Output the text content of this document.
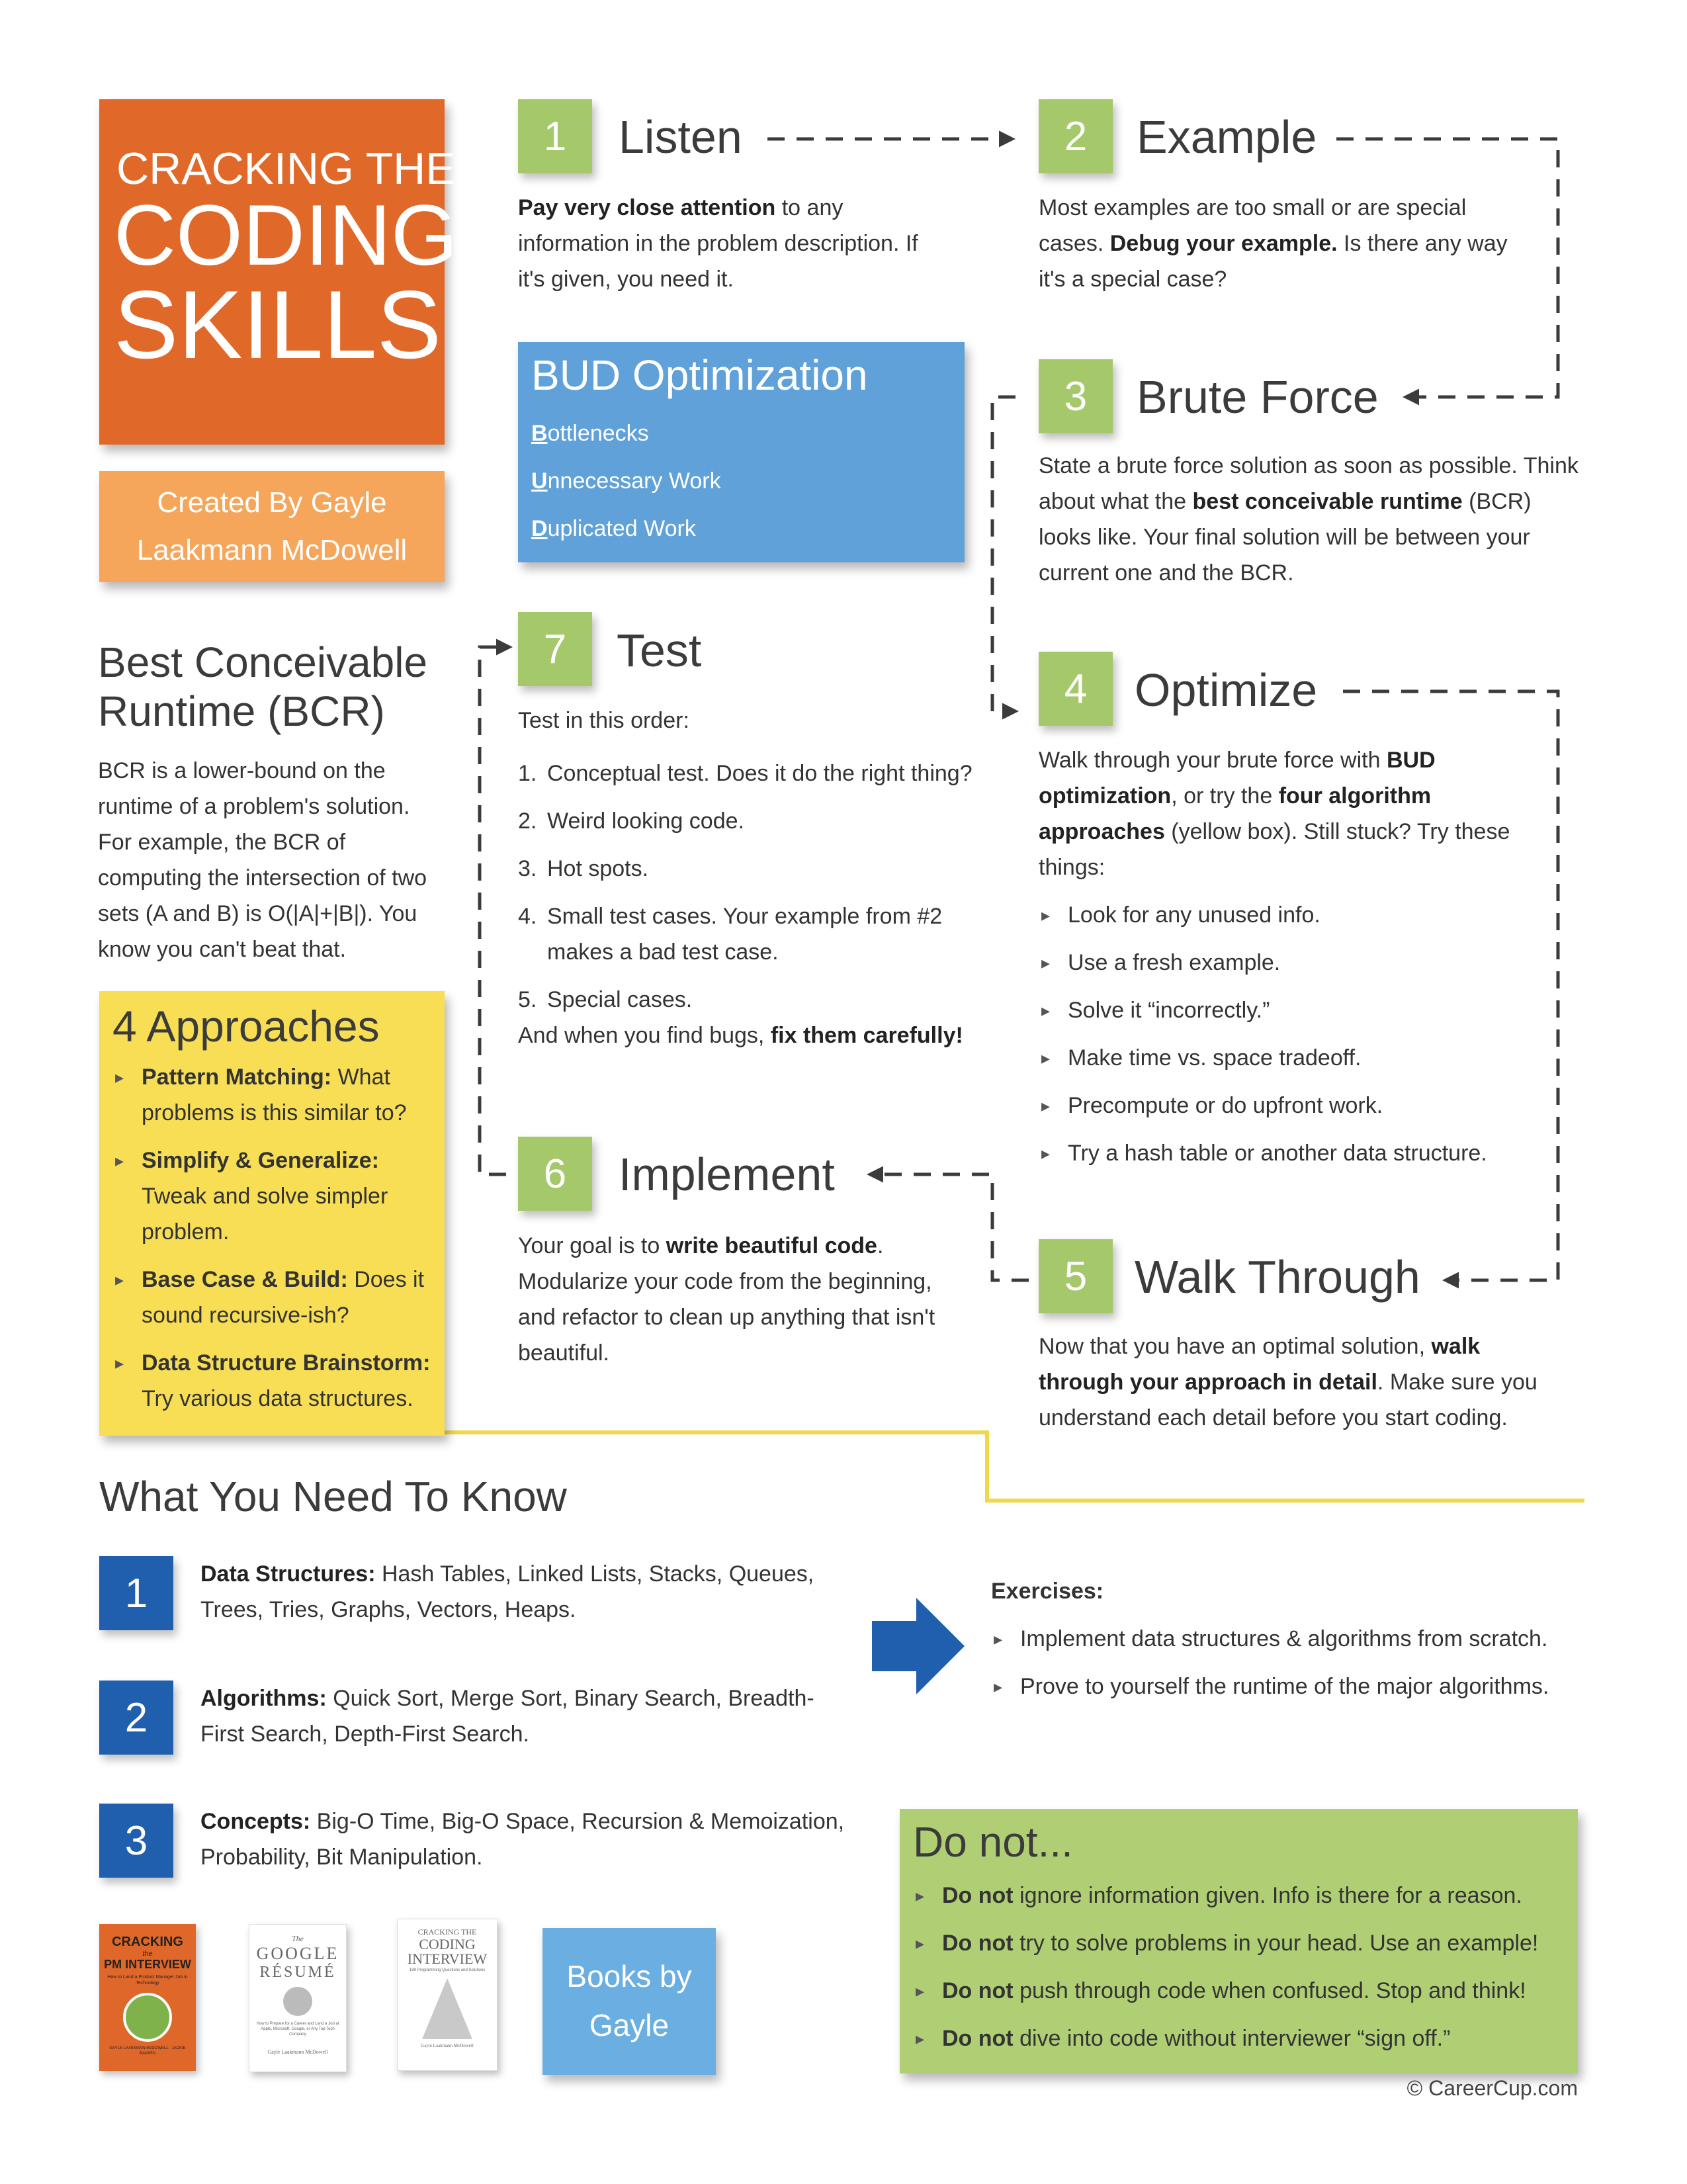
CRACKING THE
CODING
SKILLS
Created By Gayle
Laakmann McDowell
Best Conceivable
Runtime (BCR)
BCR is a lower-bound on the runtime of a problem's solution. For example, the BCR of computing the intersection of two sets (A and B) is O(|A|+|B|). You know you can't beat that.
4 Approaches
▸ Pattern Matching: What problems is this similar to?
▸ Simplify & Generalize: Tweak and solve simpler problem.
▸ Base Case & Build: Does it sound recursive-ish?
▸ Data Structure Brainstorm: Try various data structures.
BUD Optimization
Bottlenecks
Unnecessary Work
Duplicated Work
1	Listen
Pay very close attention to any information in the problem description. If it's given, you need it.
2	Example
Most examples are too small or are special cases. Debug your example. Is there any way it's a special case?
3	Brute Force
State a brute force solution as soon as possible. Think about what the best conceivable runtime (BCR) looks like. Your final solution will be between your current one and the BCR.
4	Optimize
Walk through your brute force with BUD optimization, or try the four algorithm approaches (yellow box). Still stuck? Try these things:
▸ Look for any unused info.
▸ Use a fresh example.
▸ Solve it “incorrectly.”
▸ Make time vs. space tradeoff.
▸ Precompute or do upfront work.
▸ Try a hash table or another data structure.
5	Walk Through
Now that you have an optimal solution, walk through your approach in detail. Make sure you understand each detail before you start coding.
6	Implement
Your goal is to write beautiful code. Modularize your code from the beginning, and refactor to clean up anything that isn't beautiful.
7	Test
Test in this order:
1. Conceptual test. Does it do the right thing?
2. Weird looking code.
3. Hot spots.
4. Small test cases. Your example from #2 makes a bad test case.
5. Special cases.
And when you find bugs, fix them carefully!
What You Need To Know
1	Data Structures: Hash Tables, Linked Lists, Stacks, Queues, Trees, Tries, Graphs, Vectors, Heaps.
2	Algorithms: Quick Sort, Merge Sort, Binary Search, Breadth-First Search, Depth-First Search.
3	Concepts: Big-O Time, Big-O Space, Recursion & Memoization, Probability, Bit Manipulation.
Exercises:
▸ Implement data structures & algorithms from scratch.
▸ Prove to yourself the runtime of the major algorithms.
Do not...
▸ Do not ignore information given. Info is there for a reason.
▸ Do not try to solve problems in your head. Use an example!
▸ Do not push through code when confused. Stop and think!
▸ Do not dive into code without interviewer “sign off.”
CRACKING
the
PM INTERVIEW
How to Land a Product Manager Job in Technology
GAYLE LAAKMANN McDOWELL · JACKIE BAVARO
The
GOOGLE
RÉSUMÉ
How to Prepare for a Career and Land a Job at Apple, Microsoft, Google, or Any Top Tech Company
Gayle Laakmann McDowell
CRACKING THE
CODING
INTERVIEW
189 Programming Questions and Solutions
Gayle Laakmann McDowell
Books by
Gayle
© CareerCup.com
